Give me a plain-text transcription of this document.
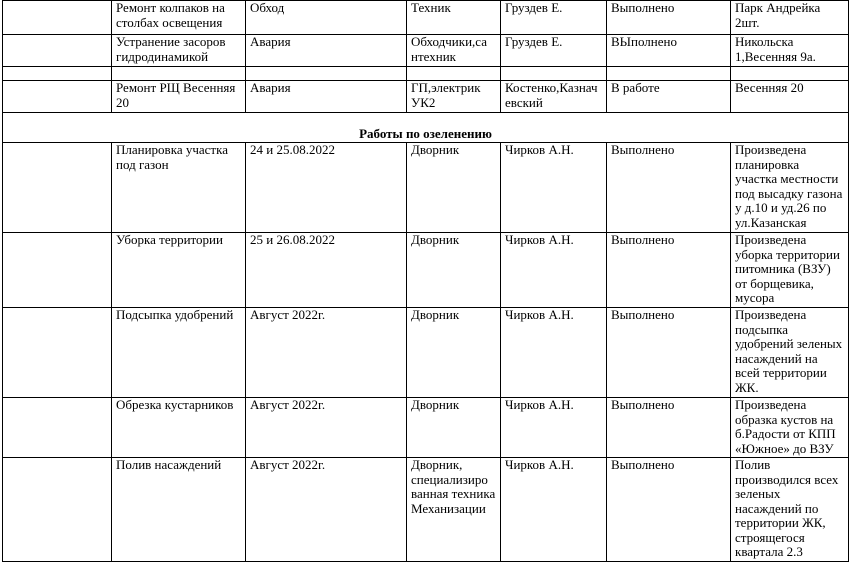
	Ремонт колпаков на столбах освещения	Обход	Техник	Груздев Е.	Выполнено	Парк Андрейка 2шт.
	Устранение засоров гидродинамикой	Авария	Обходчики,са нтехник	Груздев Е.	ВЫполнено	Никольска 1,Весенняя 9а.

	Ремонт РЩ Весенняя 20	Авария	ГП,электрик УК2	Костенко,Казнач евский	В работе	Весенняя 20
Работы по озеленению						
	Планировка участка под газон	24 и 25.08.2022	Дворник	Чирков А.Н.	Выполнено	Произведена планировка участка местности под высадку газона у д.10 и уд.26 по ул.Казанская
	Уборка территории	25 и 26.08.2022	Дворник	Чирков А.Н.	Выполнено	Произведена уборка территории питомника (ВЗУ) от борщевика, мусора
	Подсыпка удобрений	Август 2022г.	Дворник	Чирков А.Н.	Выполнено	Произведена подсыпка удобрений зеленых насаждений на всей территории ЖК.
	Обрезка кустарников	Август 2022г.	Дворник	Чирков А.Н.	Выполнено	Произведена образка кустов на б.Радости от КПП «Южное» до ВЗУ
	Полив насаждений	Август 2022г.	Дворник, специализиро ванная техника Механизации	Чирков А.Н.	Выполнено	Полив производился всех зеленых насаждений по территории ЖК, строящегося квартала 2.3
